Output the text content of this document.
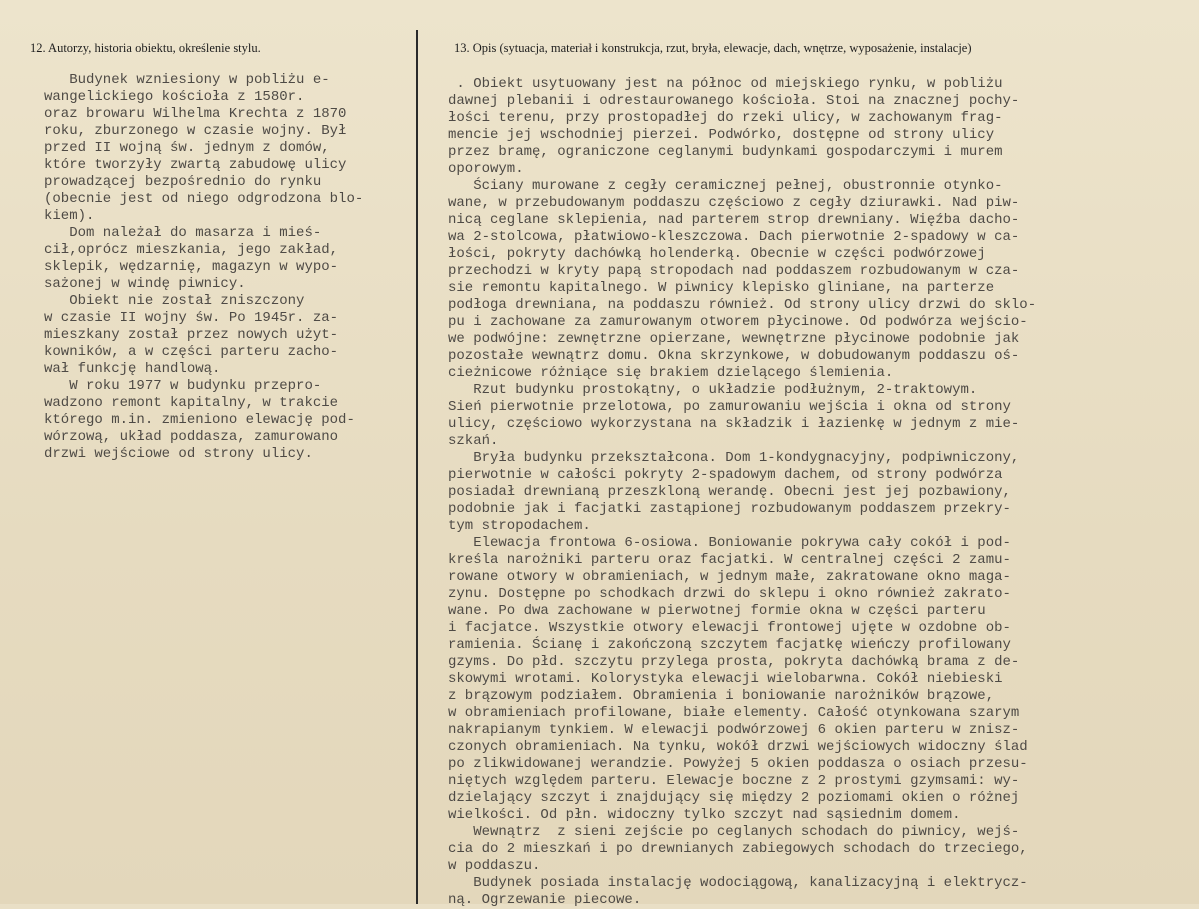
12. Autorzy, historia obiektu, określenie stylu.	13. Opis (sytuacja, materiał i konstrukcja, rzut, bryła, elewacje, dach, wnętrze, wyposażenie, instalacje)
Budynek wzniesiony w pobliżu e-
wangelickiego kościoła z 1580r.
oraz browaru Wilhelma Krechta z 1870
roku, zburzonego w czasie wojny. Był
przed II wojną św. jednym z domów,
które tworzyły zwartą zabudowę ulicy
prowadzącej bezpośrednio do rynku
(obecnie jest od niego odgrodzona blo-
kiem).
Dom należał do masarza i mieś-
cił,oprócz mieszkania, jego zakład,
sklepik, wędzarnię, magazyn w wypo-
sażonej w windę piwnicy.
Obiekt nie został zniszczony
w czasie II wojny św. Po 1945r. za-
mieszkany został przez nowych użyt-
kowników, a w części parteru zacho-
wał funkcję handlową.
W roku 1977 w budynku przepro-
wadzono remont kapitalny, w trakcie
którego m.in. zmieniono elewację pod-
wórzową, układ poddasza, zamurowano
drzwi wejściowe od strony ulicy.
. Obiekt usytuowany jest na północ od miejskiego rynku, w pobliżu
dawnej plebanii i odrestaurowanego kościoła. Stoi na znacznej pochy-
łości terenu, przy prostopadłej do rzeki ulicy, w zachowanym frag-
mencie jej wschodniej pierzei. Podwórko, dostępne od strony ulicy
przez bramę, ograniczone ceglanymi budynkami gospodarczymi i murem
oporowym.
Ściany murowane z cegły ceramicznej pełnej, obustronnie otynko-
wane, w przebudowanym poddaszu częściowo z cegły dziurawki. Nad piw-
nicą ceglane sklepienia, nad parterem strop drewniany. Więźba dacho-
wa 2-stolcowa, płatwiowo-kleszczowa. Dach pierwotnie 2-spadowy w ca-
łości, pokryty dachówką holenderką. Obecnie w części podwórzowej
przechodzi w kryty papą stropodach nad poddaszem rozbudowanym w cza-
sie remontu kapitalnego. W piwnicy klepisko gliniane, na parterze
podłoga drewniana, na poddaszu również. Od strony ulicy drzwi do sklo-
pu i zachowane za zamurowanym otworem płycinowe. Od podwórza wejścio-
we podwójne: zewnętrzne opierzane, wewnętrzne płycinowe podobnie jak
pozostałe wewnątrz domu. Okna skrzynkowe, w dobudowanym poddaszu oś-
cieżnicowe różniące się brakiem dzielącego ślemienia.
Rzut budynku prostokątny, o układzie podłużnym, 2-traktowym.
Sień pierwotnie przelotowa, po zamurowaniu wejścia i okna od strony
ulicy, częściowo wykorzystana na składzik i łazienkę w jednym z mie-
szkań.
Bryła budynku przekształcona. Dom 1-kondygnacyjny, podpiwniczony,
pierwotnie w całości pokryty 2-spadowym dachem, od strony podwórza
posiadał drewnianą przeszkloną werandę. Obecni jest jej pozbawiony,
podobnie jak i facjatki zastąpionej rozbudowanym poddaszem przekry-
tym stropodachem.
Elewacja frontowa 6-osiowa. Boniowanie pokrywa cały cokół i pod-
kreśla narożniki parteru oraz facjatki. W centralnej części 2 zamu-
rowane otwory w obramieniach, w jednym małe, zakratowane okno maga-
zynu. Dostępne po schodkach drzwi do sklepu i okno również zakrato-
wane. Po dwa zachowane w pierwotnej formie okna w części parteru
i facjatce. Wszystkie otwory elewacji frontowej ujęte w ozdobne ob-
ramienia. Ścianę i zakończoną szczytem facjatkę wieńczy profilowany
gzyms. Do płd. szczytu przylega prosta, pokryta dachówką brama z de-
skowymi wrotami. Kolorystyka elewacji wielobarwna. Cokół niebieski
z brązowym podziałem. Obramienia i boniowanie narożników brązowe,
w obramieniach profilowane, białe elementy. Całość otynkowana szarym
nakrapianym tynkiem. W elewacji podwórzowej 6 okien parteru w znisz-
czonych obramieniach. Na tynku, wokół drzwi wejściowych widoczny ślad
po zlikwidowanej werandzie. Powyżej 5 okien poddasza o osiach przesu-
niętych względem parteru. Elewacje boczne z 2 prostymi gzymsami: wy-
dzielający szczyt i znajdujący się między 2 poziomami okien o różnej
wielkości. Od płn. widoczny tylko szczyt nad sąsiednim domem.
Wewnątrz  z sieni zejście po ceglanych schodach do piwnicy, wejś-
cia do 2 mieszkań i po drewnianych zabiegowych schodach do trzeciego,
w poddaszu.
Budynek posiada instalację wodociągową, kanalizacyjną i elektrycz-
ną. Ogrzewanie piecowe.
